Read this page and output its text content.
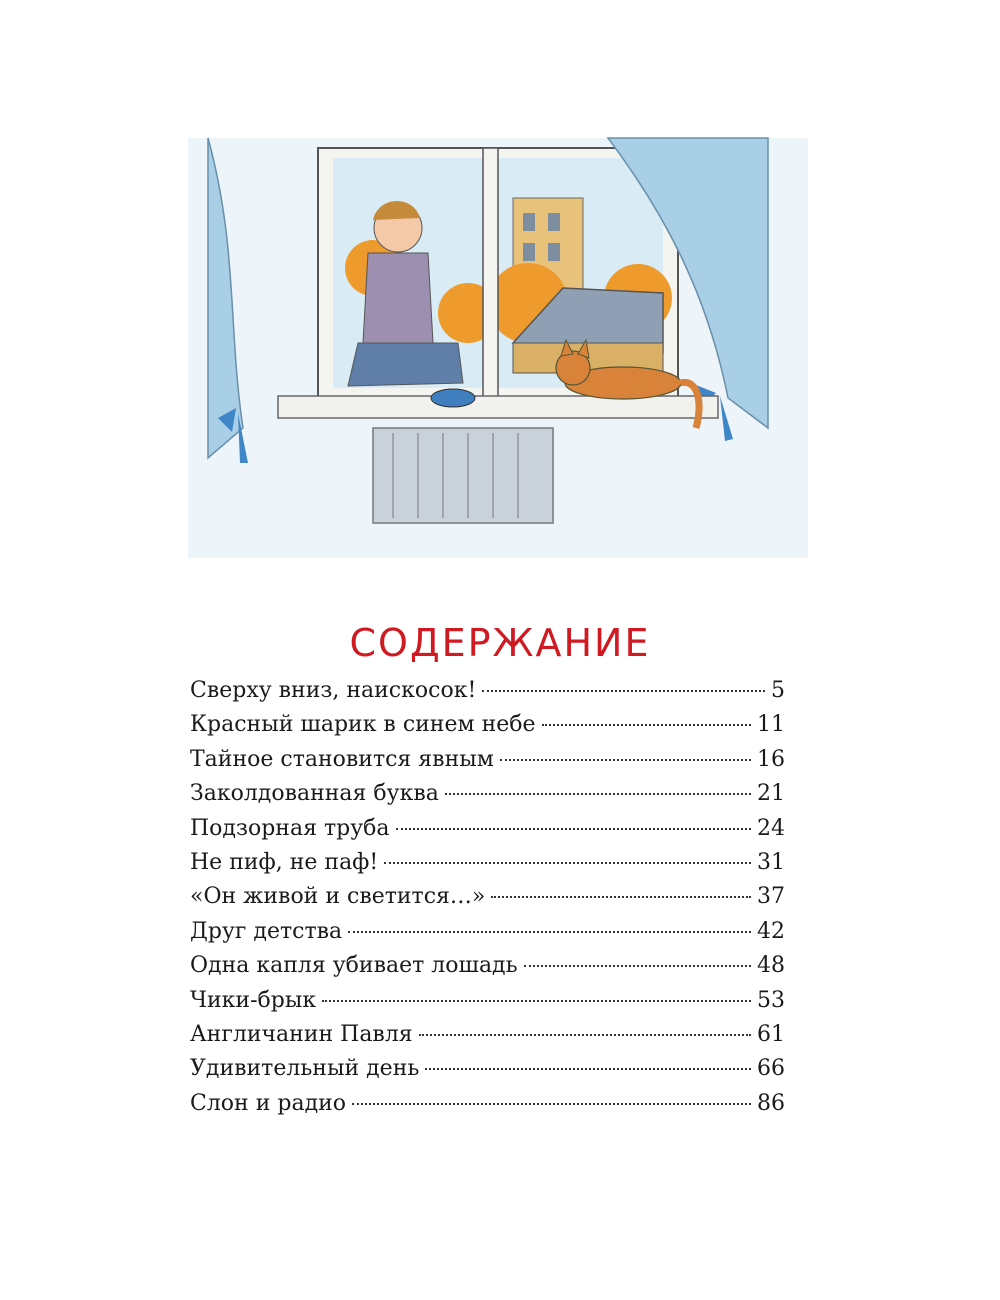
СОДЕРЖАНИЕ
Сверху вниз, наискосок!	5
Красный шарик в синем небе	11
Тайное становится явным	16
Заколдованная буква	21
Подзорная труба	24
Не пиф, не паф!	31
«Он живой и светится…»	37
Друг детства	42
Одна капля убивает лошадь	48
Чики-брык	53
Англичанин Павля	61
Удивительный день	66
Слон и радио	86
